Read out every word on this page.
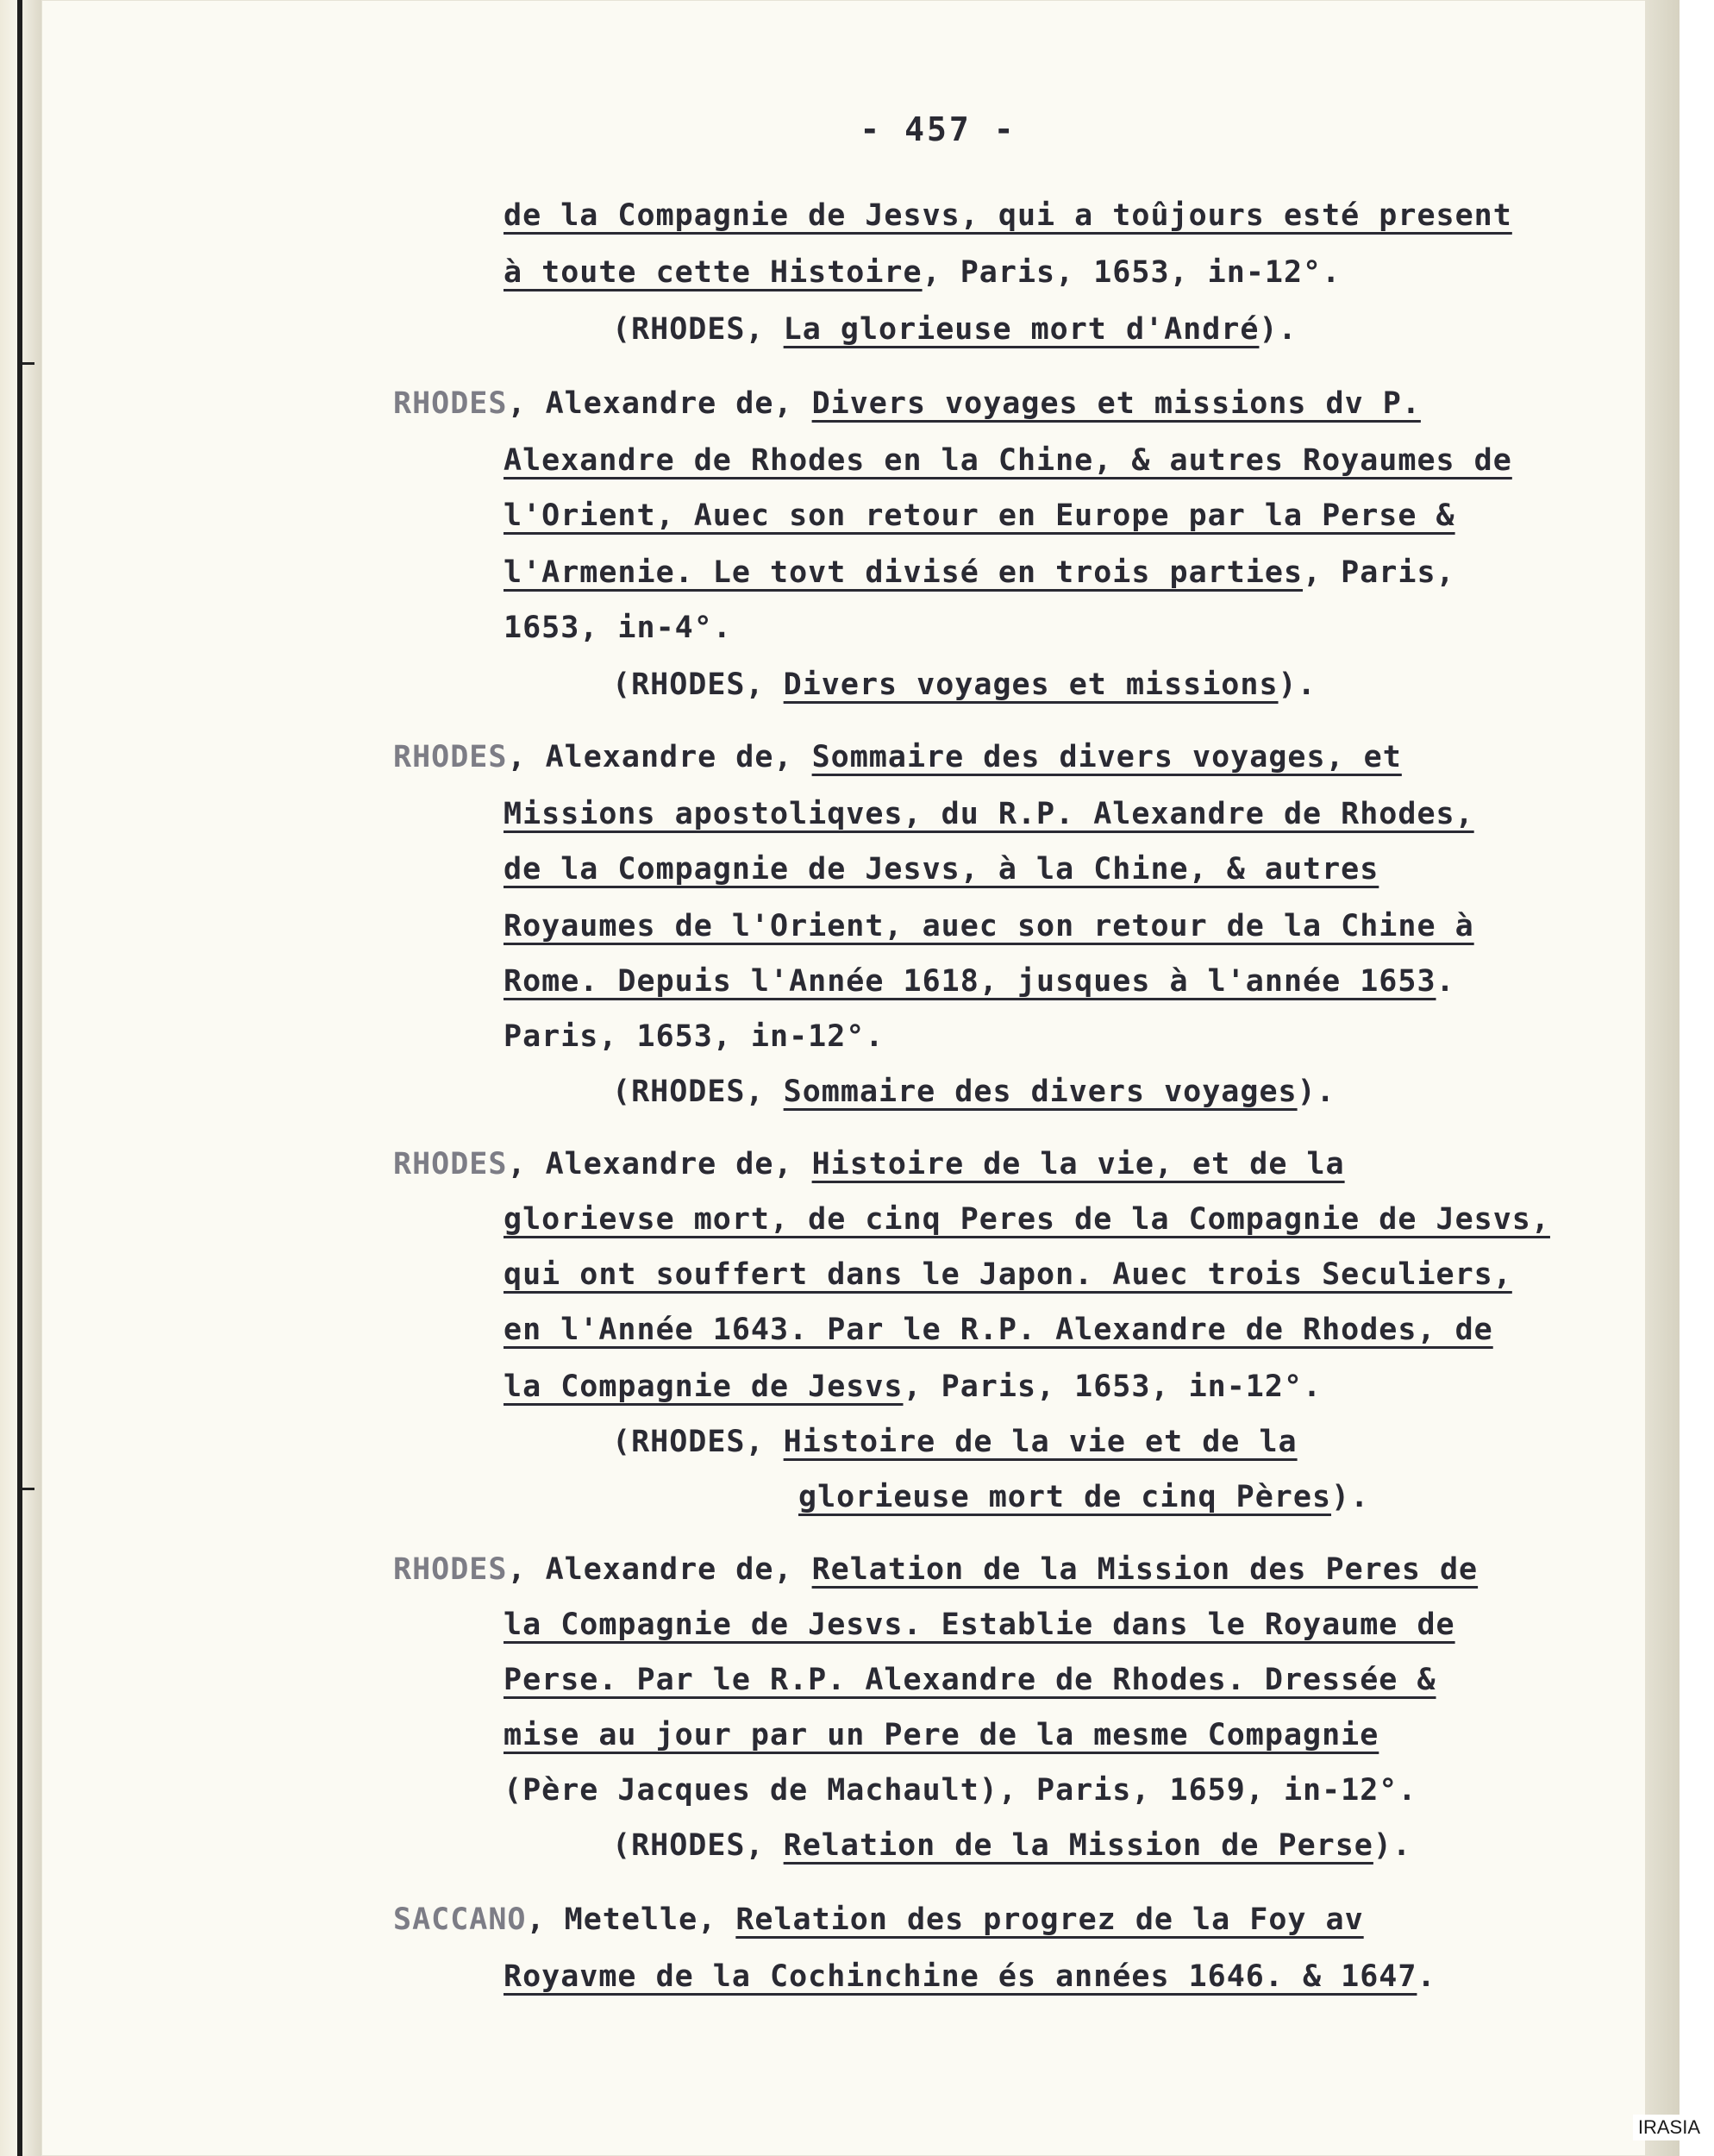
- 457 -
de la Compagnie de Jesvs, qui a toûjours esté present
à toute cette Histoire, Paris, 1653, in-12°.
(RHODES, La glorieuse mort d'André).
RHODES, Alexandre de, Divers voyages et missions dv P.
Alexandre de Rhodes en la Chine, & autres Royaumes de
l'Orient, Auec son retour en Europe par la Perse &
l'Armenie. Le tovt divisé en trois parties, Paris,
1653, in-4°.
(RHODES, Divers voyages et missions).
RHODES, Alexandre de, Sommaire des divers voyages, et
Missions apostoliqves, du R.P. Alexandre de Rhodes,
de la Compagnie de Jesvs, à la Chine, & autres
Royaumes de l'Orient, auec son retour de la Chine à
Rome. Depuis l'Année 1618, jusques à l'année 1653.
Paris, 1653, in-12°.
(RHODES, Sommaire des divers voyages).
RHODES, Alexandre de, Histoire de la vie, et de la
glorievse mort, de cinq Peres de la Compagnie de Jesvs,
qui ont souffert dans le Japon. Auec trois Seculiers,
en l'Année 1643. Par le R.P. Alexandre de Rhodes, de
la Compagnie de Jesvs, Paris, 1653, in-12°.
(RHODES, Histoire de la vie et de la
glorieuse mort de cinq Pères).
RHODES, Alexandre de, Relation de la Mission des Peres de
la Compagnie de Jesvs. Establie dans le Royaume de
Perse. Par le R.P. Alexandre de Rhodes. Dressée &
mise au jour par un Pere de la mesme Compagnie
(Père Jacques de Machault), Paris, 1659, in-12°.
(RHODES, Relation de la Mission de Perse).
SACCANO, Metelle, Relation des progrez de la Foy av
Royavme de la Cochinchine és années 1646. & 1647.
IRASIA
